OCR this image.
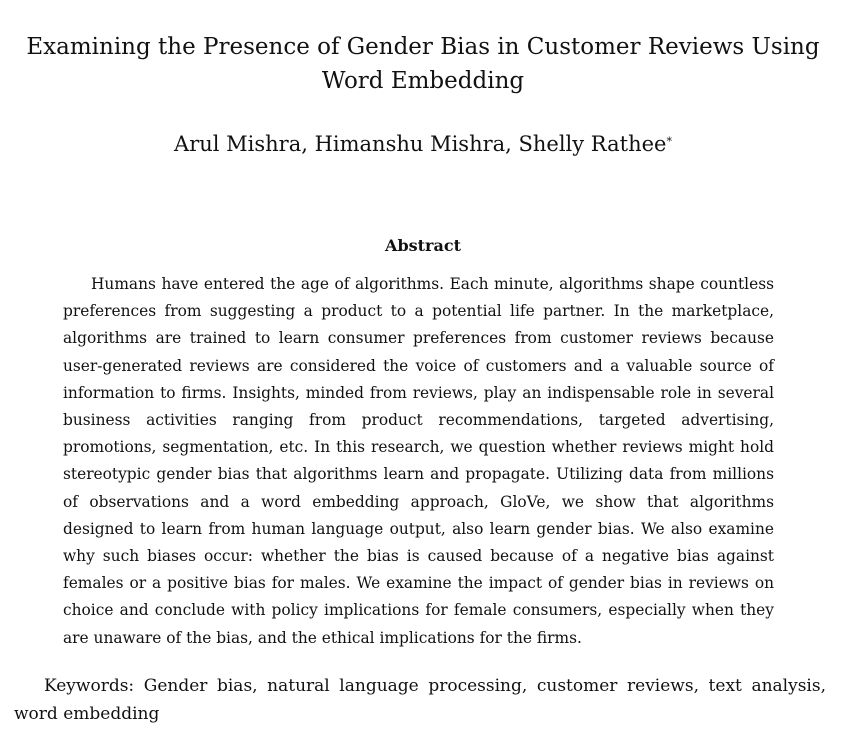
Examining the Presence of Gender Bias in Customer Reviews Using Word Embedding
Arul Mishra, Himanshu Mishra, Shelly Rathee*
Abstract

Humans have entered the age of algorithms. Each minute, algorithms shape countless preferences from suggesting a product to a potential life partner. In the marketplace, algorithms are trained to learn consumer preferences from customer reviews because user-generated reviews are considered the voice of customers and a valuable source of information to firms. Insights, minded from reviews, play an indispensable role in several business activities ranging from product recommendations, targeted advertising, promotions, segmentation, etc. In this research, we question whether reviews might hold stereotypic gender bias that algorithms learn and propagate. Utilizing data from millions of observations and a word embedding approach, GloVe, we show that algorithms designed to learn from human language output, also learn gender bias. We also examine why such biases occur: whether the bias is caused because of a negative bias against females or a positive bias for males. We examine the impact of gender bias in reviews on choice and conclude with policy implications for female consumers, especially when they are unaware of the bias, and the ethical implications for the firms.

Keywords: Gender bias, natural language processing, customer reviews, text analysis, word embedding
